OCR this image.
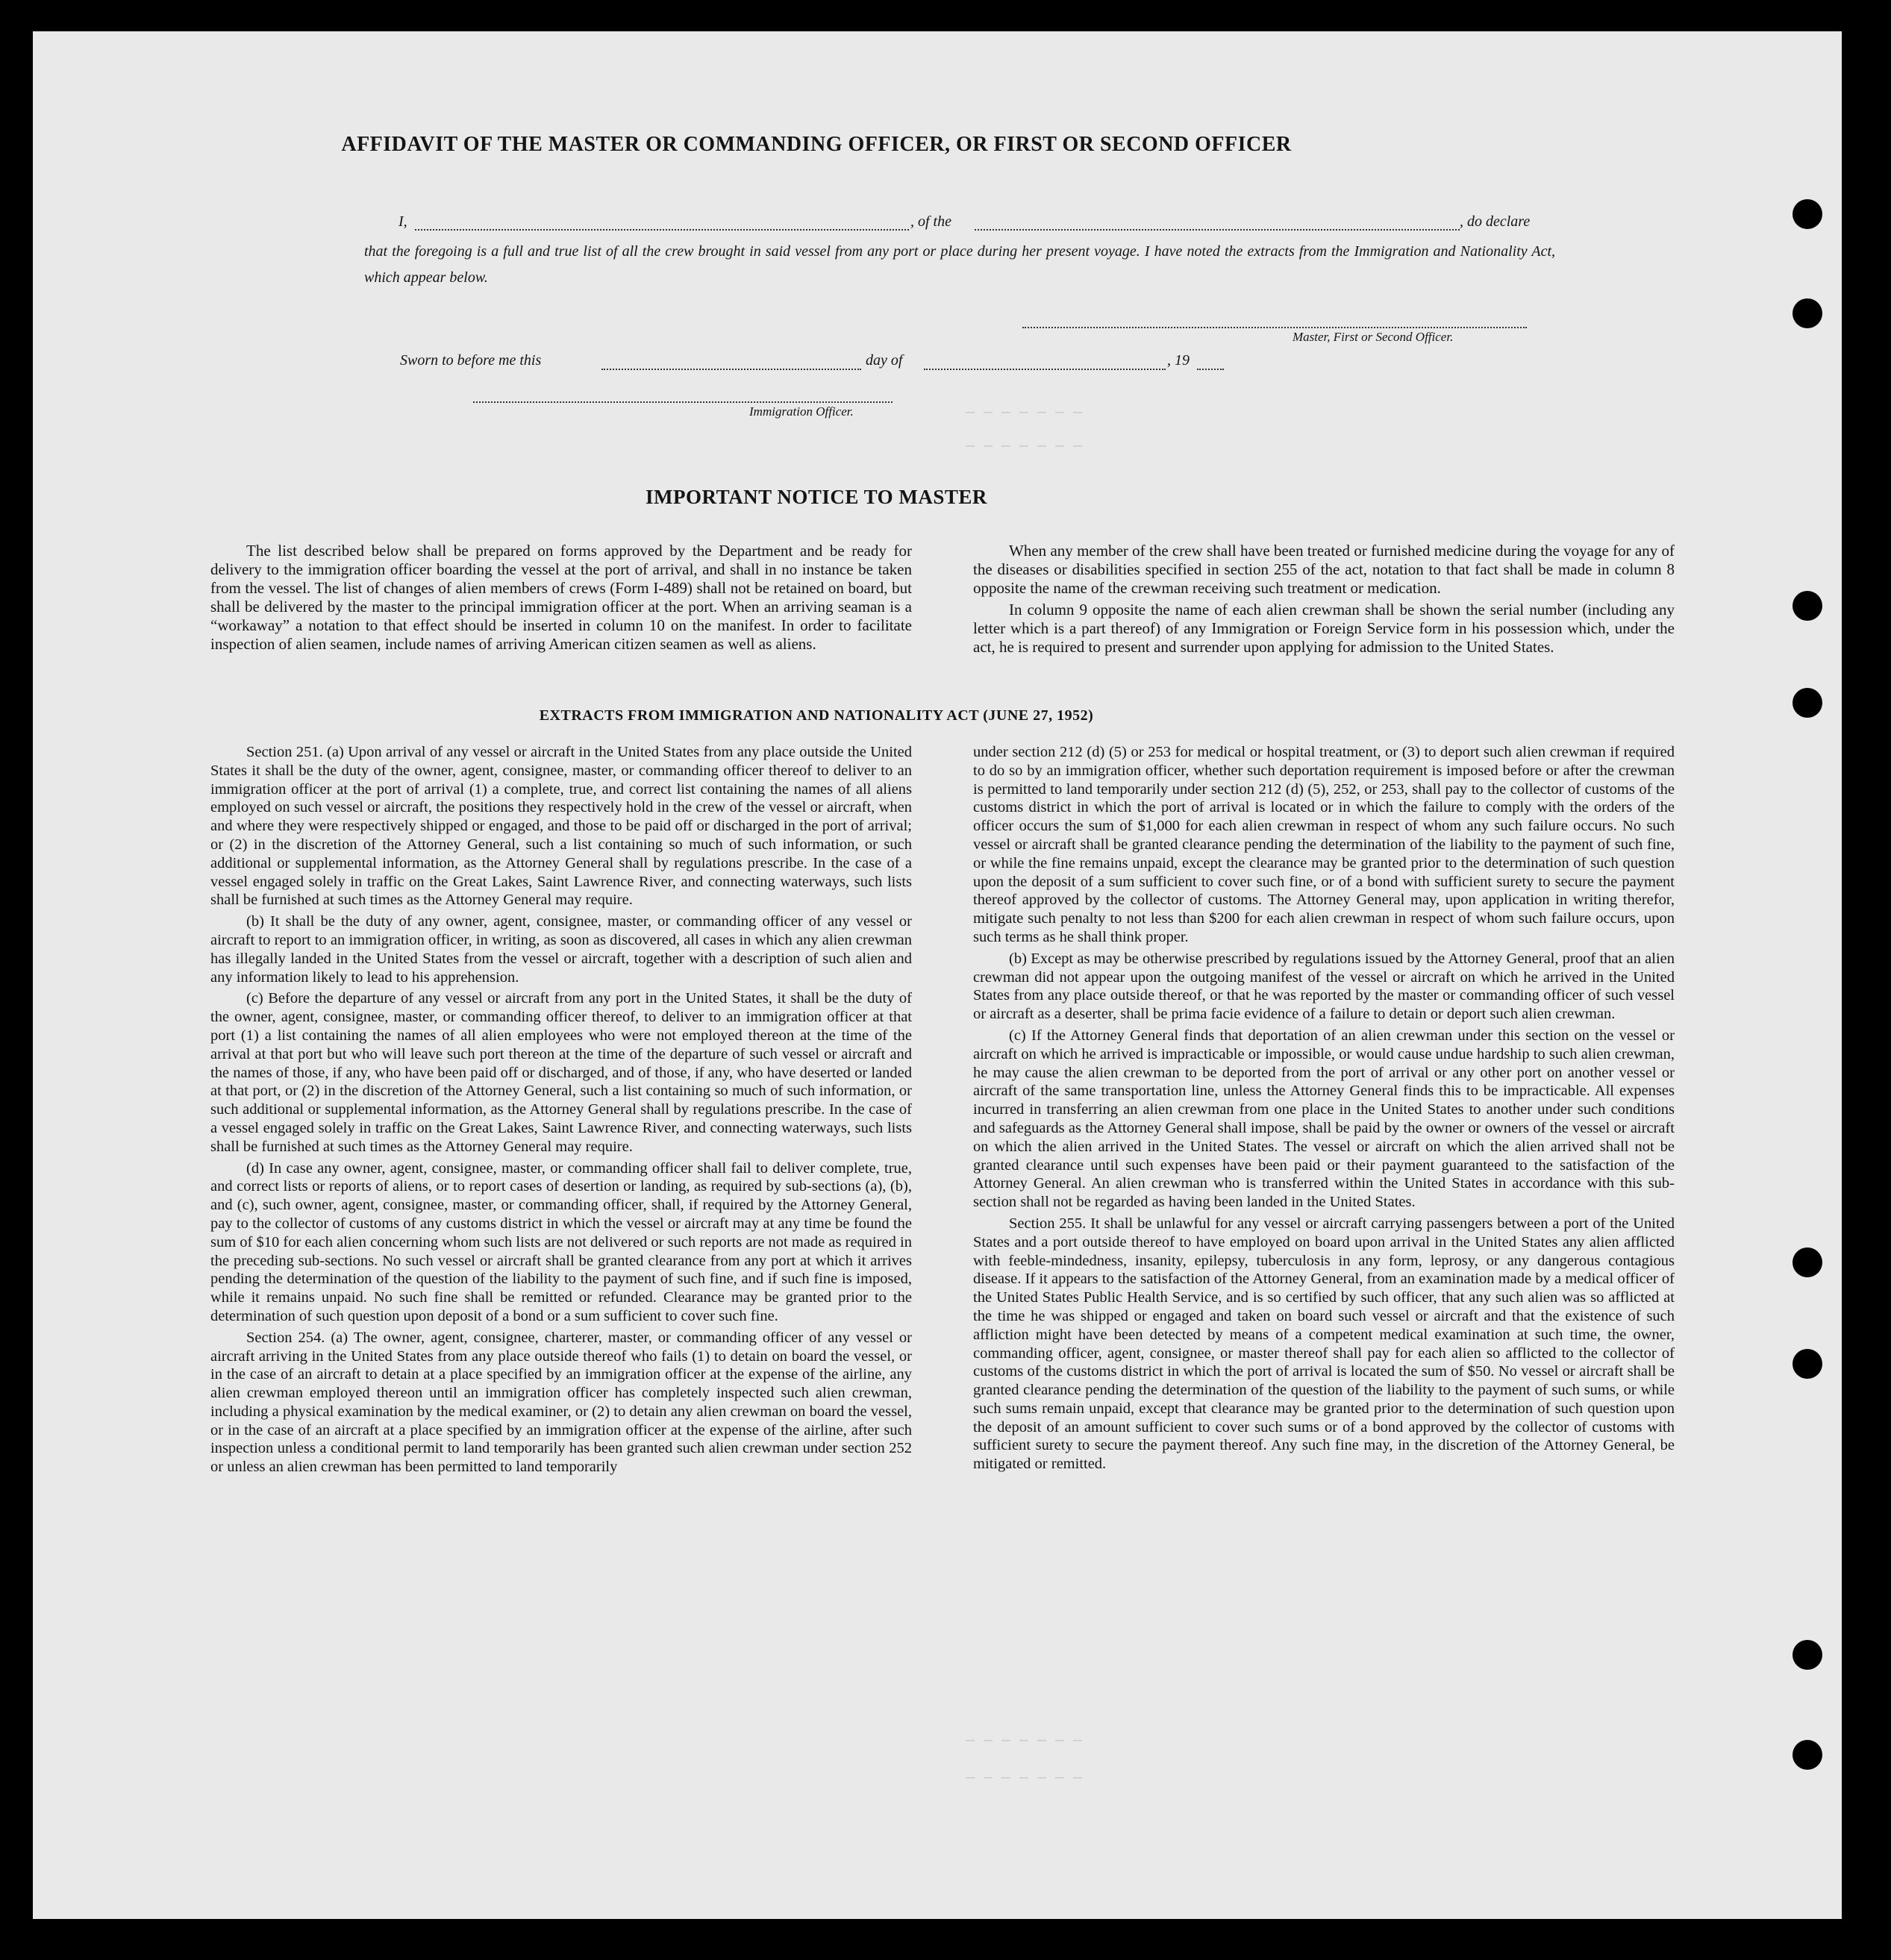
— — — — — — —
— — — — — — —
— — — — — — —
— — — — — — —
AFFIDAVIT OF THE MASTER OR COMMANDING OFFICER, OR FIRST OR SECOND OFFICER
I,	, of the	, do declare
that the foregoing is a full and true list of all the crew brought in said vessel from any port or place during her present voyage. I have noted the extracts from the Immigration and Nationality Act, which appear below.
Master, First or Second Officer.
Sworn to before me this	day of	, 19
Immigration Officer.
IMPORTANT NOTICE TO MASTER

The list described below shall be prepared on forms approved by the Department and be ready for delivery to the immigration officer boarding the vessel at the port of arrival, and shall in no instance be taken from the vessel. The list of changes of alien members of crews (Form I-489) shall not be retained on board, but shall be delivered by the master to the principal immigration officer at the port. When an arriving seaman is a “workaway” a notation to that effect should be inserted in column 10 on the manifest. In order to facilitate inspection of alien seamen, include names of arriving American citizen seamen as well as aliens.

When any member of the crew shall have been treated or furnished medicine during the voyage for any of the diseases or disabilities specified in section 255 of the act, notation to that fact shall be made in column 8 opposite the name of the crewman receiving such treatment or medication.

In column 9 opposite the name of each alien crewman shall be shown the serial number (including any letter which is a part thereof) of any Immigration or Foreign Service form in his possession which, under the act, he is required to present and surrender upon applying for admission to the United States.

EXTRACTS FROM IMMIGRATION AND NATIONALITY ACT (JUNE 27, 1952)

Section 251. (a) Upon arrival of any vessel or aircraft in the United States from any place outside the United States it shall be the duty of the owner, agent, consignee, master, or commanding officer thereof to deliver to an immigration officer at the port of arrival (1) a complete, true, and correct list containing the names of all aliens employed on such vessel or aircraft, the positions they respectively hold in the crew of the vessel or aircraft, when and where they were respectively shipped or engaged, and those to be paid off or discharged in the port of arrival; or (2) in the discretion of the Attorney General, such a list containing so much of such information, or such additional or supplemental information, as the Attorney General shall by regulations prescribe. In the case of a vessel engaged solely in traffic on the Great Lakes, Saint Lawrence River, and connecting waterways, such lists shall be furnished at such times as the Attorney General may require.

(b) It shall be the duty of any owner, agent, consignee, master, or commanding officer of any vessel or aircraft to report to an immigration officer, in writing, as soon as discovered, all cases in which any alien crewman has illegally landed in the United States from the vessel or aircraft, together with a description of such alien and any information likely to lead to his apprehension.

(c) Before the departure of any vessel or aircraft from any port in the United States, it shall be the duty of the owner, agent, consignee, master, or commanding officer thereof, to deliver to an immigration officer at that port (1) a list containing the names of all alien employees who were not employed thereon at the time of the arrival at that port but who will leave such port thereon at the time of the departure of such vessel or aircraft and the names of those, if any, who have been paid off or discharged, and of those, if any, who have deserted or landed at that port, or (2) in the discretion of the Attorney General, such a list containing so much of such information, or such additional or supplemental information, as the Attorney General shall by regulations prescribe. In the case of a vessel engaged solely in traffic on the Great Lakes, Saint Lawrence River, and connecting waterways, such lists shall be furnished at such times as the Attorney General may require.

(d) In case any owner, agent, consignee, master, or commanding officer shall fail to deliver complete, true, and correct lists or reports of aliens, or to report cases of desertion or landing, as required by sub-sections (a), (b), and (c), such owner, agent, consignee, master, or commanding officer, shall, if required by the Attorney General, pay to the collector of customs of any customs district in which the vessel or aircraft may at any time be found the sum of $10 for each alien concerning whom such lists are not delivered or such reports are not made as required in the preceding sub-sections. No such vessel or aircraft shall be granted clearance from any port at which it arrives pending the determination of the question of the liability to the payment of such fine, and if such fine is imposed, while it remains unpaid. No such fine shall be remitted or refunded. Clearance may be granted prior to the determination of such question upon deposit of a bond or a sum sufficient to cover such fine.

Section 254. (a) The owner, agent, consignee, charterer, master, or commanding officer of any vessel or aircraft arriving in the United States from any place outside thereof who fails (1) to detain on board the vessel, or in the case of an aircraft to detain at a place specified by an immigration officer at the expense of the airline, any alien crewman employed thereon until an immigration officer has completely inspected such alien crewman, including a physical examination by the medical examiner, or (2) to detain any alien crewman on board the vessel, or in the case of an aircraft at a place specified by an immigration officer at the expense of the airline, after such inspection unless a conditional permit to land temporarily has been granted such alien crewman under section 252 or unless an alien crewman has been permitted to land temporarily

under section 212 (d) (5) or 253 for medical or hospital treatment, or (3) to deport such alien crewman if required to do so by an immigration officer, whether such deportation requirement is imposed before or after the crewman is permitted to land temporarily under section 212 (d) (5), 252, or 253, shall pay to the collector of customs of the customs district in which the port of arrival is located or in which the failure to comply with the orders of the officer occurs the sum of $1,000 for each alien crewman in respect of whom any such failure occurs. No such vessel or aircraft shall be granted clearance pending the determination of the liability to the payment of such fine, or while the fine remains unpaid, except the clearance may be granted prior to the determination of such question upon the deposit of a sum sufficient to cover such fine, or of a bond with sufficient surety to secure the payment thereof approved by the collector of customs. The Attorney General may, upon application in writing therefor, mitigate such penalty to not less than $200 for each alien crewman in respect of whom such failure occurs, upon such terms as he shall think proper.

(b) Except as may be otherwise prescribed by regulations issued by the Attorney General, proof that an alien crewman did not appear upon the outgoing manifest of the vessel or aircraft on which he arrived in the United States from any place outside thereof, or that he was reported by the master or commanding officer of such vessel or aircraft as a deserter, shall be prima facie evidence of a failure to detain or deport such alien crewman.

(c) If the Attorney General finds that deportation of an alien crewman under this section on the vessel or aircraft on which he arrived is impracticable or impossible, or would cause undue hardship to such alien crewman, he may cause the alien crewman to be deported from the port of arrival or any other port on another vessel or aircraft of the same transportation line, unless the Attorney General finds this to be impracticable. All expenses incurred in transferring an alien crewman from one place in the United States to another under such conditions and safeguards as the Attorney General shall impose, shall be paid by the owner or owners of the vessel or aircraft on which the alien arrived in the United States. The vessel or aircraft on which the alien arrived shall not be granted clearance until such expenses have been paid or their payment guaranteed to the satisfaction of the Attorney General. An alien crewman who is transferred within the United States in accordance with this sub-section shall not be regarded as having been landed in the United States.

Section 255. It shall be unlawful for any vessel or aircraft carrying passengers between a port of the United States and a port outside thereof to have employed on board upon arrival in the United States any alien afflicted with feeble-mindedness, insanity, epilepsy, tuberculosis in any form, leprosy, or any dangerous contagious disease. If it appears to the satisfaction of the Attorney General, from an examination made by a medical officer of the United States Public Health Service, and is so certified by such officer, that any such alien was so afflicted at the time he was shipped or engaged and taken on board such vessel or aircraft and that the existence of such affliction might have been detected by means of a competent medical examination at such time, the owner, commanding officer, agent, consignee, or master thereof shall pay for each alien so afflicted to the collector of customs of the customs district in which the port of arrival is located the sum of $50. No vessel or aircraft shall be granted clearance pending the determination of the question of the liability to the payment of such sums, or while such sums remain unpaid, except that clearance may be granted prior to the determination of such question upon the deposit of an amount sufficient to cover such sums or of a bond approved by the collector of customs with sufficient surety to secure the payment thereof. Any such fine may, in the discretion of the Attorney General, be mitigated or remitted.
